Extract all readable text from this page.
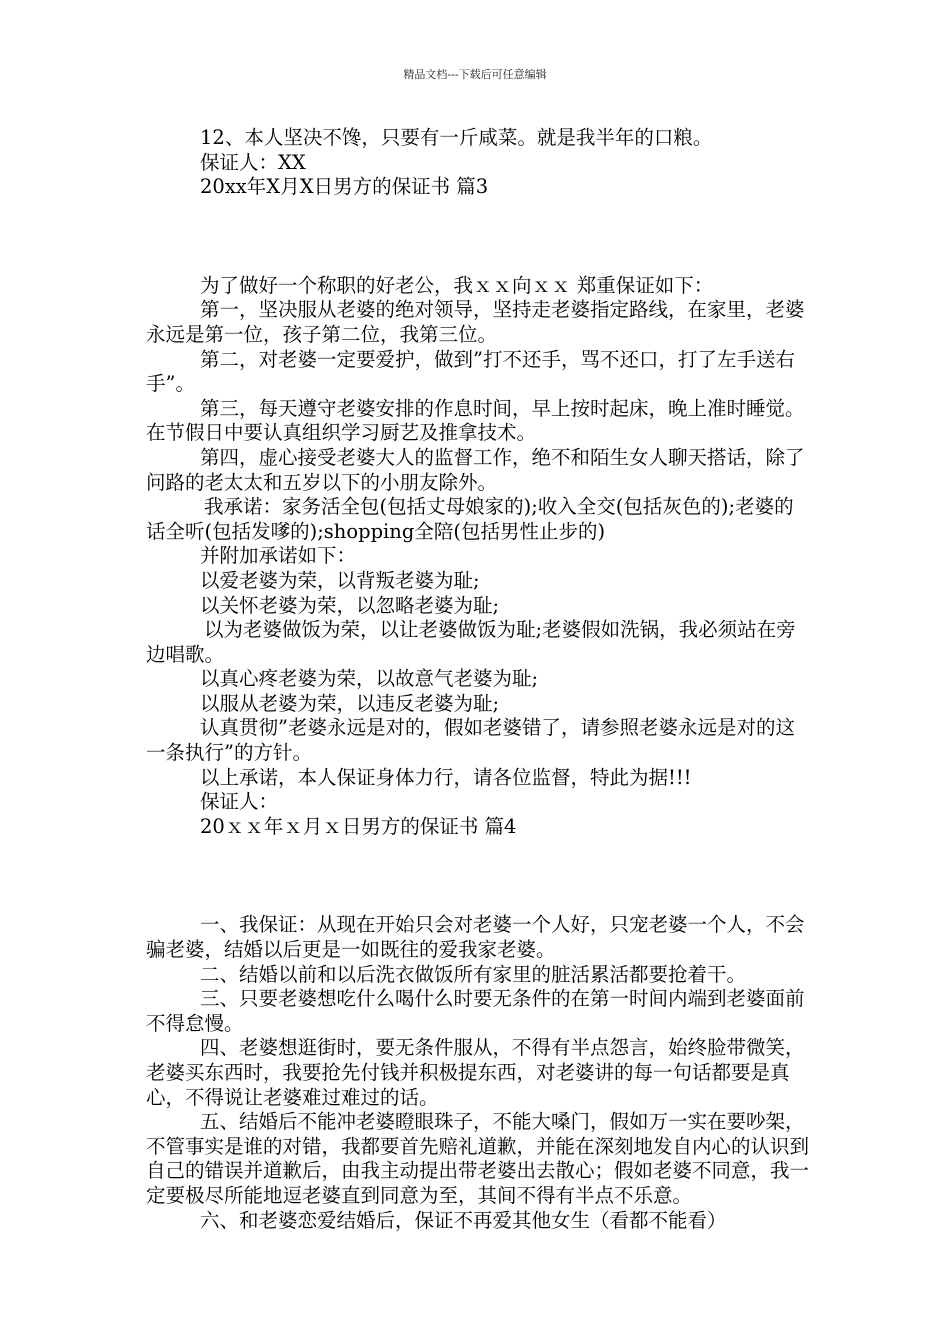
精品文档---下载后可任意编辑
12、本人坚决不馋，只要有一斤咸菜。就是我半年的口粮。
保证人：XX
20xx年X月X日男方的保证书 篇3
为了做好一个称职的好老公，我ｘｘ向ｘｘ 郑重保证如下：
第一，坚决服从老婆的绝对领导，坚持走老婆指定路线，在家里，老婆永远是第一位，孩子第二位，我第三位。
第二，对老婆一定要爱护，做到”打不还手，骂不还口，打了左手送右手”。
第三，每天遵守老婆安排的作息时间，早上按时起床，晚上准时睡觉。在节假日中要认真组织学习厨艺及推拿技术。
第四，虚心接受老婆大人的监督工作，绝不和陌生女人聊天搭话，除了问路的老太太和五岁以下的小朋友除外。
我承诺：家务活全包(包括丈母娘家的);收入全交(包括灰色的);老婆的话全听(包括发嗲的);shopping全陪(包括男性止步的)
并附加承诺如下：
以爱老婆为荣，以背叛老婆为耻;
以关怀老婆为荣，以忽略老婆为耻;
以为老婆做饭为荣，以让老婆做饭为耻;老婆假如洗锅，我必须站在旁边唱歌。
以真心疼老婆为荣，以故意气老婆为耻;
以服从老婆为荣，以违反老婆为耻;
认真贯彻”老婆永远是对的，假如老婆错了，请参照老婆永远是对的这一条执行”的方针。
以上承诺，本人保证身体力行，请各位监督，特此为据!!!
保证人：
20ｘｘ年ｘ月ｘ日男方的保证书 篇4
一、我保证：从现在开始只会对老婆一个人好，只宠老婆一个人，不会骗老婆，结婚以后更是一如既往的爱我家老婆。
二、结婚以前和以后洗衣做饭所有家里的脏活累活都要抢着干。
三、只要老婆想吃什么喝什么时要无条件的在第一时间内端到老婆面前不得怠慢。
四、老婆想逛街时，要无条件服从，不得有半点怨言，始终脸带微笑，老婆买东西时，我要抢先付钱并积极提东西，对老婆讲的每一句话都要是真心，不得说让老婆难过难过的话。
五、结婚后不能冲老婆瞪眼珠子，不能大嗓门，假如万一实在要吵架，不管事实是谁的对错，我都要首先赔礼道歉，并能在深刻地发自内心的认识到自己的错误并道歉后，由我主动提出带老婆出去散心；假如老婆不同意，我一定要极尽所能地逗老婆直到同意为至，其间不得有半点不乐意。
六、和老婆恋爱结婚后，保证不再爱其他女生（看都不能看）
